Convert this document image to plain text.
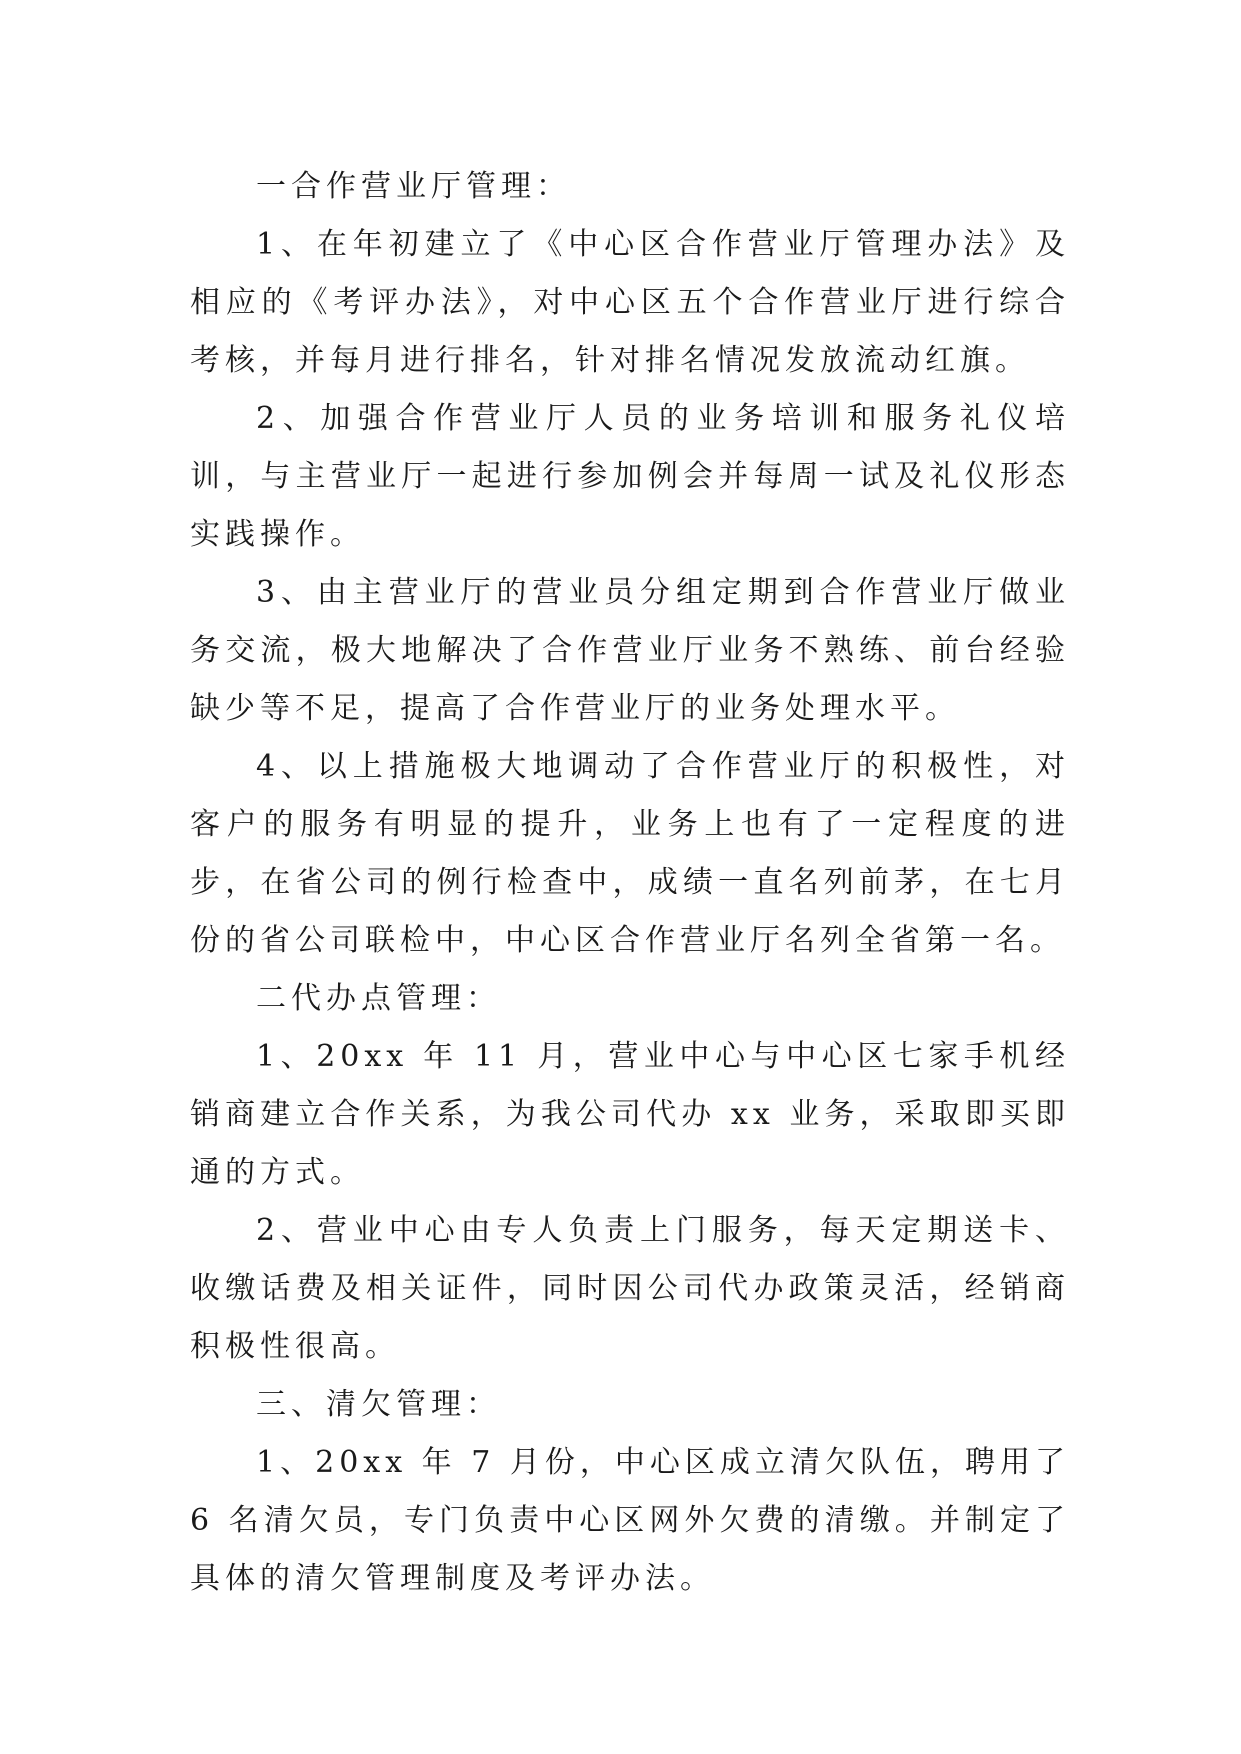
一合作营业厅管理：

1、在年初建立了《中心区合作营业厅管理办法》及相应的《考评办法》，对中心区五个合作营业厅进行综合考核，并每月进行排名，针对排名情况发放流动红旗。

2、加强合作营业厅人员的业务培训和服务礼仪培训，与主营业厅一起进行参加例会并每周一试及礼仪形态实践操作。

3、由主营业厅的营业员分组定期到合作营业厅做业务交流，极大地解决了合作营业厅业务不熟练、前台经验缺少等不足，提高了合作营业厅的业务处理水平。

4、以上措施极大地调动了合作营业厅的积极性，对客户的服务有明显的提升，业务上也有了一定程度的进步，在省公司的例行检查中，成绩一直名列前茅，在七月份的省公司联检中，中心区合作营业厅名列全省第一名。

二代办点管理：

1、20xx 年 11 月，营业中心与中心区七家手机经销商建立合作关系，为我公司代办 xx 业务，采取即买即通的方式。

2、营业中心由专人负责上门服务，每天定期送卡、收缴话费及相关证件，同时因公司代办政策灵活，经销商积极性很高。

三、清欠管理：

1、20xx 年 7 月份，中心区成立清欠队伍，聘用了 6 名清欠员，专门负责中心区网外欠费的清缴。并制定了具体的清欠管理制度及考评办法。
